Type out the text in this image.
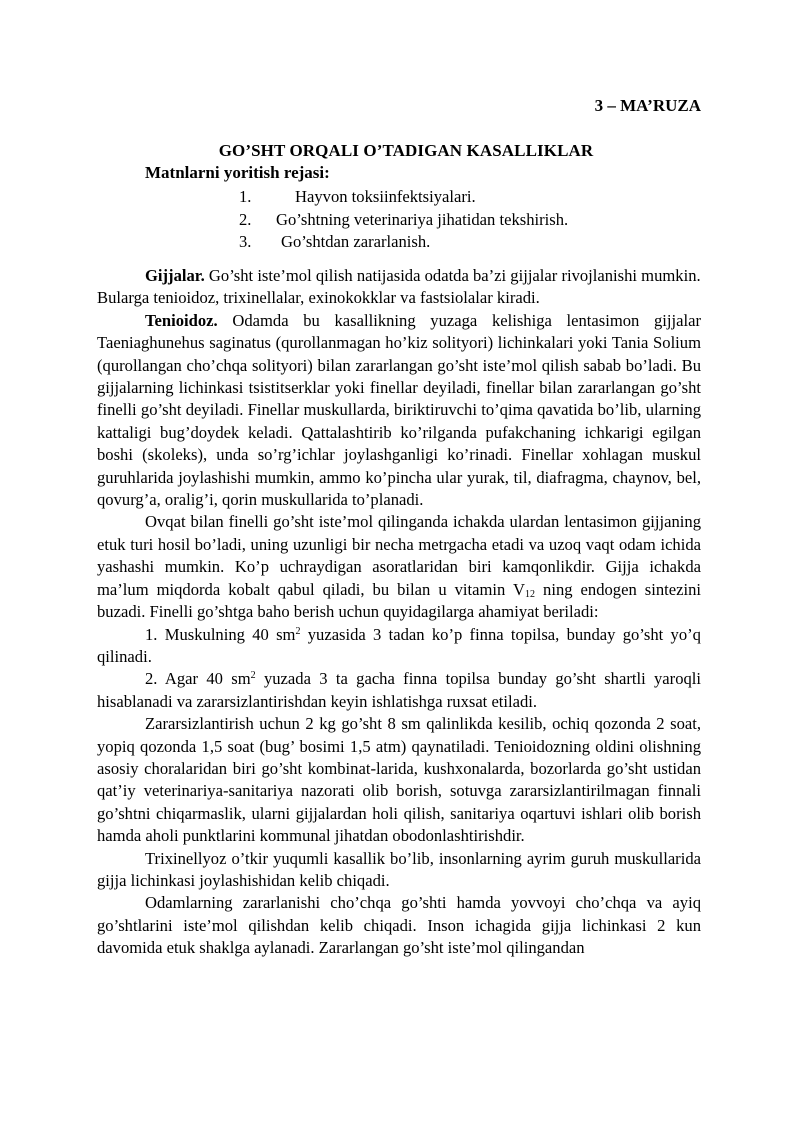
3 – MA’RUZA
GO’SHT ORQALI O’TADIGAN KASALLIKLAR
Matnlarni yoritish rejasi:
1.	Hayvon toksiinfektsiyalari.
2. Go’shtning veterinariya jihatidan tekshirish.
3. Go’shtdan zararlanish.

Gijjalar. Go’sht iste’mol qilish natijasida odatda ba’zi gijjalar rivojlanishi mumkin. Bularga tenioidoz, trixinellalar, exinokokklar va fastsiolalar kiradi.

Tenioidoz. Odamda bu kasallikning yuzaga kelishiga lentasimon gijjalar Taeniaghunehus saginatus (qurollanmagan ho’kiz solityori) lichinkalari yoki Tania Solium (qurollangan cho’chqa solityori) bilan zararlangan go’sht iste’mol qilish sabab bo’ladi. Bu gijjalarning lichinkasi tsistitserklar yoki finellar deyiladi, finellar bilan zararlangan go’sht finelli go’sht deyiladi. Finellar muskullarda, biriktiruvchi to’qima qavatida bo’lib, ularning kattaligi bug’doydek keladi. Qattalashtirib ko’rilganda pufakchaning ichkarigi egilgan boshi (skoleks), unda so’rg’ichlar joylashganligi ko’rinadi. Finellar xohlagan muskul guruhlarida joylashishi mumkin, ammo ko’pincha ular yurak, til, diafragma, chaynov, bel, qovurg’a, oralig’i, qorin muskullarida to’planadi.

Ovqat bilan finelli go’sht iste’mol qilinganda ichakda ulardan lentasimon gijjaning etuk turi hosil bo’ladi, uning uzunligi bir necha metrgacha etadi va uzoq vaqt odam ichida yashashi mumkin. Ko’p uchraydigan asoratlaridan biri kamqonlikdir. Gijja ichakda ma’lum miqdorda kobalt qabul qiladi, bu bilan u vitamin $V_{12}$ ning endogen sintezini buzadi. Finelli go’shtga baho berish uchun quyidagilarga ahamiyat beriladi:

1. Muskulning 40 $sm^2$ yuzasida 3 tadan ko’p finna topilsa, bunday go’sht yo’q qilinadi.

2. Agar 40 $sm^2$ yuzada 3 ta gacha finna topilsa bunday go’sht shartli yaroqli hisablanadi va zararsizlantirishdan keyin ishlatishga ruxsat etiladi.

Zararsizlantirish uchun 2 kg go’sht 8 sm qalinlikda kesilib, ochiq qozonda 2 soat, yopiq qozonda 1,5 soat (bug’ bosimi 1,5 atm) qaynatiladi. Tenioidozning oldini olishning asosiy choralaridan biri go’sht kombinat-larida, kushxonalarda, bozorlarda go’sht ustidan qat’iy veterinariya-sanitariya nazorati olib borish, sotuvga zararsizlantirilmagan finnali go’shtni chiqarmaslik, ularni gijjalardan holi qilish, sanitariya oqartuvi ishlari olib borish hamda aholi punktlarini kommunal jihatdan obodonlashtirishdir.

Trixinellyoz o’tkir yuqumli kasallik bo’lib, insonlarning ayrim guruh muskullarida gijja lichinkasi joylashishidan kelib chiqadi.

Odamlarning zararlanishi cho’chqa go’shti hamda yovvoyi cho’chqa va ayiq go’shtlarini iste’mol qilishdan kelib chiqadi. Inson ichagida gijja lichinkasi 2 kun davomida etuk shaklga aylanadi. Zararlangan go’sht iste’mol qilingandan
